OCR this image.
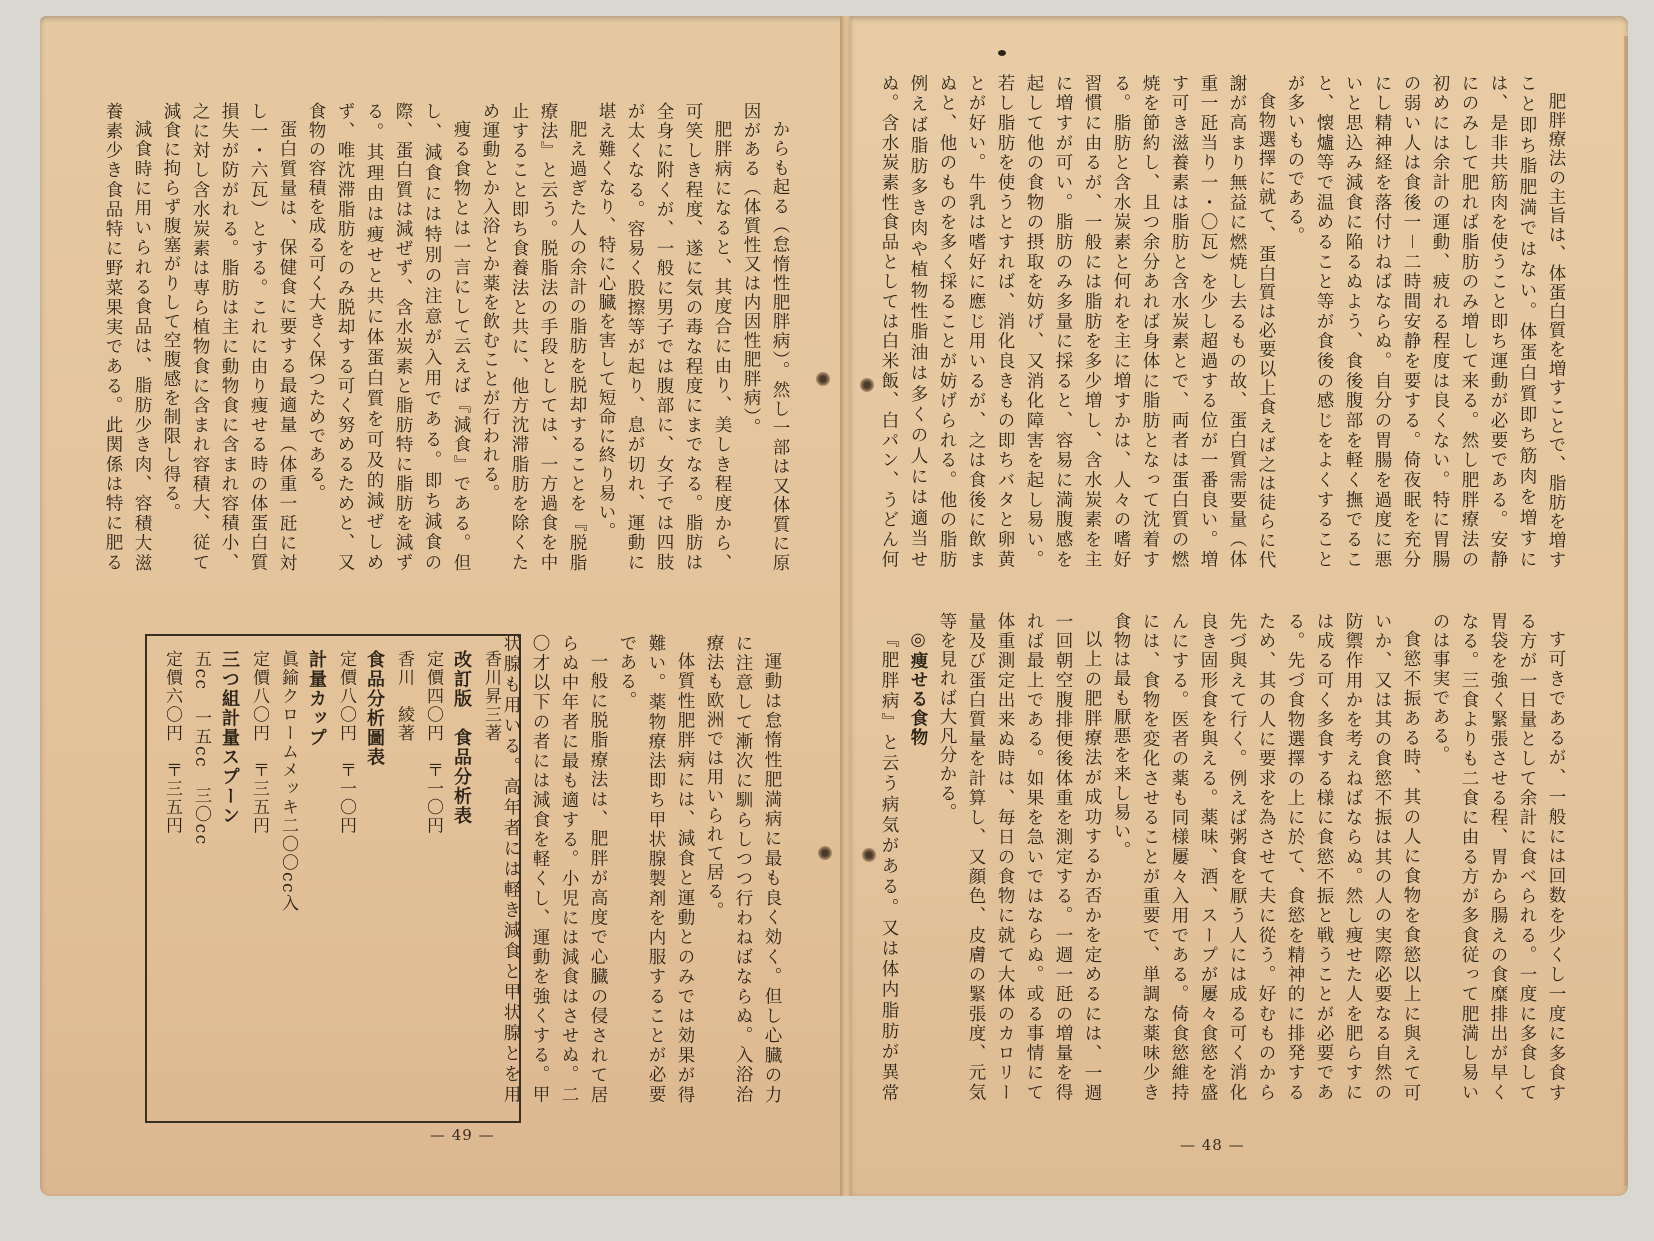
からも起る（怠惰性肥胖病）。然し一部は又体質に原因がある（体質性又は内因性肥胖病）。

肥胖病になると、其度合に由り、美しき程度から、可笑しき程度、遂に気の毒な程度にまでなる。脂肪は全身に附くが、一般に男子では腹部に、女子では四肢が太くなる。容易く股擦等が起り、息が切れ、運動に堪え難くなり、特に心臓を害して短命に終り易い。

肥え過ぎた人の余計の脂肪を脱却することを『脱脂療法』と云う。脱脂法の手段としては、一方過食を中止すること即ち食養法と共に、他方沈滞脂肪を除くため運動とか入浴とか薬を飲むことが行われる。

痩る食物とは一言にして云えば『減食』である。但し、減食には特別の注意が入用である。即ち減食の際、蛋白質は減ぜず、含水炭素と脂肪特に脂肪を減ずる。其理由は痩せと共に体蛋白質を可及的減ぜしめず、唯沈滞脂肪をのみ脱却する可く努めるためと、又食物の容積を成る可く大きく保つためである。

蛋白質量は、保健食に要する最適量（体重一瓩に対し一・六瓦）とする。これに由り痩せる時の体蛋白質損失が防がれる。脂肪は主に動物食に含まれ容積小、之に対し含水炭素は専ら植物食に含まれ容積大、従て減食に拘らず腹塞がりして空腹感を制限し得る。

減食時に用いられる食品は、脂肪少き肉、容積大滋養素少き食品特に野菜果実である。此関係は特に肥る

運動は怠惰性肥満病に最も良く効く。但し心臓の力に注意して漸次に馴らしつつ行わねばならぬ。入浴治療法も欧洲では用いられて居る。

体質性肥胖病には、減食と運動とのみでは効果が得難い。薬物療法即ち甲状腺製剤を内服することが必要である。

一般に脱脂療法は、肥胖が高度で心臓の侵されて居らぬ中年者に最も適する。小児には減食はさせぬ。二〇才以下の者には減食を軽くし、運動を強くする。甲状腺も用いる。高年者には軽き減食と甲状腺とを用

香川昇三著
改訂版　食品分析表
定價四〇円　〒一〇円
香川　綾著
食品分析圖表
定價八〇円　〒一〇円
計量カップ
眞鍮クロームメッキ二〇〇cc入
定價八〇円　〒三五円
三つ組計量スプーン
五cc　一五cc　三〇cc
定價六〇円　〒三五円
— 49 —

肥胖療法の主旨は、体蛋白質を増すことで、脂肪を増すこと即ち脂肥満ではない。体蛋白質即ち筋肉を増すには、是非共筋肉を使うこと即ち運動が必要である。安静にのみして肥れば脂肪のみ増して来る。然し肥胖療法の初めには余計の運動、疲れる程度は良くない。特に胃腸の弱い人は食後一－二時間安静を要する。倚夜眠を充分にし精神経を落付けねばならぬ。自分の胃腸を過度に悪いと思込み減食に陥るぬよう、食後腹部を軽く撫でること、懐爐等で温めること等が食後の感じをよくすることが多いものである。

食物選擇に就て、蛋白質は必要以上食えば之は徒らに代謝が高まり無益に燃焼し去るもの故、蛋白質需要量（体重一瓩当り一・〇瓦）を少し超過する位が一番良い。増す可き滋養素は脂肪と含水炭素とで、両者は蛋白質の燃焼を節約し、且つ余分あれば身体に脂肪となって沈着する。脂肪と含水炭素と何れを主に増すかは、人々の嗜好習慣に由るが、一般には脂肪を多少増し、含水炭素を主に増すが可い。脂肪のみ多量に採ると、容易に満腹感を起して他の食物の摂取を妨げ、又消化障害を起し易い。若し脂肪を使うとすれば、消化良きもの即ちバタと卵黄とが好い。牛乳は嗜好に應じ用いるが、之は食後に飲まぬと、他のものを多く採ることが妨げられる。他の脂肪例えば脂肪多き肉や植物性脂油は多くの人には適当せぬ。含水炭素性食品としては白米飯、白パン、うどん何

す可きであるが、一般には回数を少くし一度に多食する方が一日量として余計に食べられる。一度に多食して胃袋を強く緊張させる程、胃から腸えの食糜排出が早くなる。三食よりも二食に由る方が多食従って肥満し易いのは事実である。

食慾不振ある時、其の人に食物を食慾以上に與えて可いか、又は其の食慾不振は其の人の実際必要なる自然の防禦作用かを考えねばならぬ。然し痩せた人を肥らすには成る可く多食する様に食慾不振と戦うことが必要である。先づ食物選擇の上に於て、食慾を精神的に排発するため、其の人に要求を為させて夫に從う。好むものから先づ與えて行く。例えば粥食を厭う人には成る可く消化良き固形食を與える。薬味、酒、スープが屢々食慾を盛んにする。医者の薬も同様屢々入用である。倚食慾維持には、食物を変化させることが重要で、単調な薬味少き食物は最も厭悪を来し易い。

以上の肥胖療法が成功するか否かを定めるには、一週一回朝空腹排便後体重を測定する。一週一瓩の増量を得れば最上である。如果を急いではならぬ。或る事情にて体重測定出来ぬ時は、毎日の食物に就て大体のカロリー量及び蛋白質量を計算し、又顔色、皮膚の緊張度、元気等を見れば大凡分かる。

◎痩せる食物

『肥胖病』と云う病気がある。又は体内脂肪が異常

— 48 —
